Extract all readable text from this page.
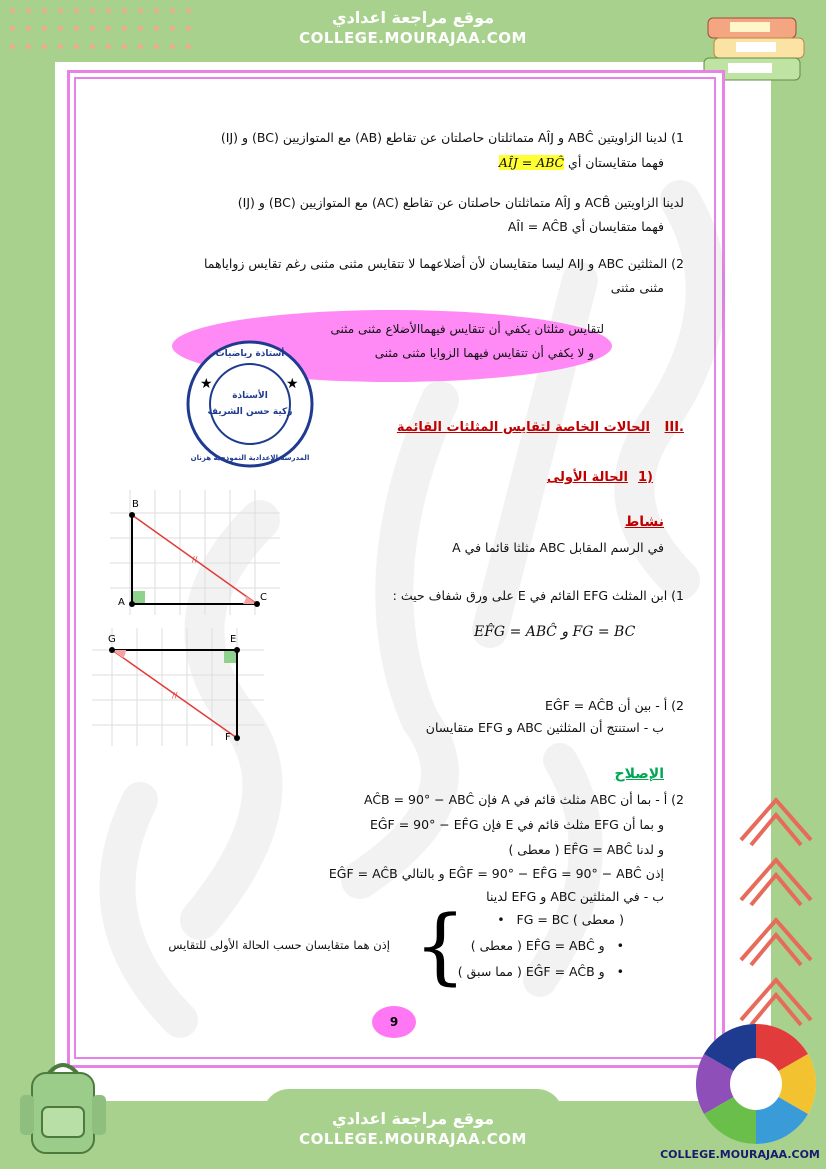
موقع مراجعة اعدادي
COLLEGE.MOURAJAA.COM
1) لدينا الزاويتين ABĈ و AÎJ متماثلتان حاصلتان عن تقاطع (AB) مع المتوازيين (BC) و (IJ)
فهما متقايستان أي AÎJ = ABĈ
لدينا الزاويتين ACB̂ و AÎJ متماثلتان حاصلتان عن تقاطع (AC) مع المتوازيين (BC) و (IJ)
فهما متقايسان أي AÎI = AĈB
2) المثلثين ABC و AIJ ليسا متقايسان لأن أضلاعهما لا تتقايس مثنى مثنى رغم تقايس زواياهما
مثنى مثنى
لتقايس مثلثان يكفي أن تتقايس فيهماالأضلاع مثنى مثنى
و لا يكفي أن تتقايس فيهما الزوايا مثنى مثنى
أستاذة رياضيات
الأستاذة
زكية حسن الشريف
المدرسة الإعدادية النموذجية هزنان
★	★
III.
الحالات الخاصة لتقايس المثلثات القائمة
1)
الحالة الأولى
نشاط
في الرسم المقابل ABC مثلثا قائما في A
1) ابن المثلث EFG القائم في E على ورق شفاف حيث :
EF̂G = ABĈ و FG = BC
2) أ - بين أن EĜF = AĈB
ب - استنتج أن المثلثين ABC و EFG متقايسان
B
A	C
//
G	E
F
//
الإصلاح
2) أ - بما أن ABC مثلث قائم في A فإن AĈB = 90° − ABĈ
و بما أن EFG مثلث قائم في E فإن EĜF = 90° − EF̂G
و لدنا EF̂G = ABĈ ( معطى )
إذن EĜF = 90° − EF̂G = 90° − ABĈ و بالتالي EĜF = AĈB
ب - في المثلثين ABC و EFG لدينا
•   FG = BC ( معطى )
•   و EF̂G = ABĈ ( معطى )
•   و EĜF = AĈB ( مما سبق )
{
إذن هما متقايسان حسب الحالة الأولى للتقايس
9
موقع مراجعة اعدادي
COLLEGE.MOURAJAA.COM
COLLEGE.MOURAJAA.COM
